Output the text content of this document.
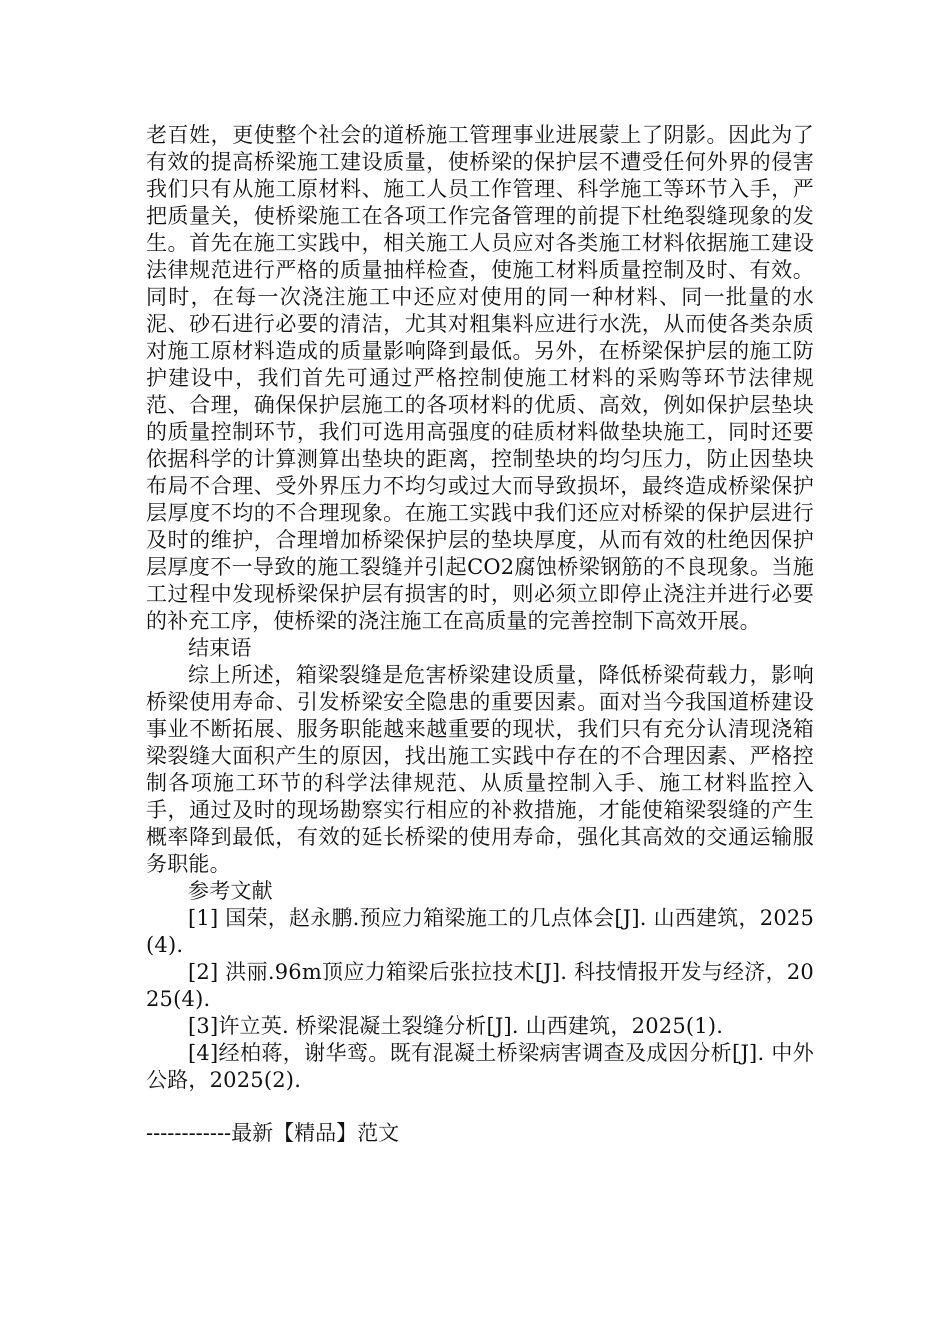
老百姓，更使整个社会的道桥施工管理事业进展蒙上了阴影。因此为了有效的提高桥梁施工建设质量，使桥梁的保护层不遭受任何外界的侵害我们只有从施工原材料、施工人员工作管理、科学施工等环节入手，严把质量关，使桥梁施工在各项工作完备管理的前提下杜绝裂缝现象的发生。首先在施工实践中，相关施工人员应对各类施工材料依据施工建设法律规范进行严格的质量抽样检查，使施工材料质量控制及时、有效。同时，在每一次浇注施工中还应对使用的同一种材料、同一批量的水泥、砂石进行必要的清洁，尤其对粗集料应进行水洗，从而使各类杂质对施工原材料造成的质量影响降到最低。另外，在桥梁保护层的施工防护建设中，我们首先可通过严格控制使施工材料的采购等环节法律规范、合理，确保保护层施工的各项材料的优质、高效，例如保护层垫块的质量控制环节，我们可选用高强度的硅质材料做垫块施工，同时还要依据科学的计算测算出垫块的距离，控制垫块的均匀压力，防止因垫块布局不合理、受外界压力不均匀或过大而导致损坏，最终造成桥梁保护层厚度不均的不合理现象。在施工实践中我们还应对桥梁的保护层进行及时的维护，合理增加桥梁保护层的垫块厚度，从而有效的杜绝因保护层厚度不一导致的施工裂缝并引起CO2腐蚀桥梁钢筋的不良现象。当施工过程中发现桥梁保护层有损害的时，则必须立即停止浇注并进行必要的补充工序，使桥梁的浇注施工在高质量的完善控制下高效开展。

结束语

综上所述，箱梁裂缝是危害桥梁建设质量，降低桥梁荷载力，影响桥梁使用寿命、引发桥梁安全隐患的重要因素。面对当今我国道桥建设事业不断拓展、服务职能越来越重要的现状，我们只有充分认清现浇箱梁裂缝大面积产生的原因，找出施工实践中存在的不合理因素、严格控制各项施工环节的科学法律规范、从质量控制入手、施工材料监控入手，通过及时的现场勘察实行相应的补救措施，才能使箱梁裂缝的产生概率降到最低，有效的延长桥梁的使用寿命，强化其高效的交通运输服务职能。

参考文献

[1] 国荣，赵永鹏.预应力箱梁施工的几点体会[J]. 山西建筑，2025(4).

[2] 洪丽.96m顶应力箱梁后张拉技术[J]. 科技情报开发与经济，2025(4).

[3]许立英. 桥梁混凝土裂缝分析[J]. 山西建筑，2025(1).

[4]经柏蒋，谢华鸾。既有混凝土桥梁病害调查及成因分析[J]. 中外公路，2025(2).

------------最新【精品】范文
